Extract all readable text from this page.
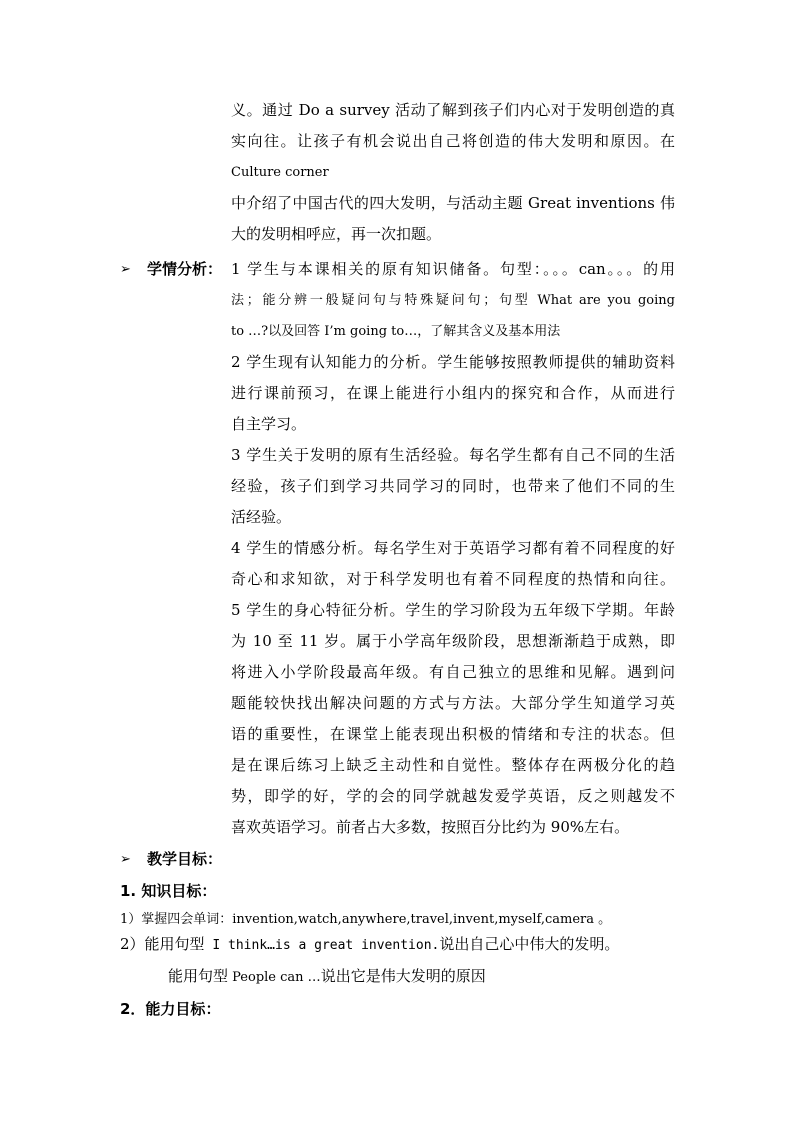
义。通过 Do a survey 活动了解到孩子们内心对于发明创造的真
实向往。让孩子有机会说出自己将创造的伟大发明和原因。在
Culture corner
中介绍了中国古代的四大发明，与活动主题 Great inventions 伟
大的发明相呼应，再一次扣题。
➢ 学情分析： 1 学生与本课相关的原有知识储备。句型：。。。can。。。的用
法；能分辨一般疑问句与特殊疑问句；句型 What are you going
to …?以及回答 I’m going to…，了解其含义及基本用法
2 学生现有认知能力的分析。学生能够按照教师提供的辅助资料
进行课前预习，在课上能进行小组内的探究和合作，从而进行
自主学习。
3 学生关于发明的原有生活经验。每名学生都有自己不同的生活
经验，孩子们到学习共同学习的同时，也带来了他们不同的生
活经验。
4 学生的情感分析。每名学生对于英语学习都有着不同程度的好
奇心和求知欲，对于科学发明也有着不同程度的热情和向往。
5 学生的身心特征分析。学生的学习阶段为五年级下学期。年龄
为 10 至 11 岁。属于小学高年级阶段，思想渐渐趋于成熟，即
将进入小学阶段最高年级。有自己独立的思维和见解。遇到问
题能较快找出解决问题的方式与方法。大部分学生知道学习英
语的重要性，在课堂上能表现出积极的情绪和专注的状态。但
是在课后练习上缺乏主动性和自觉性。整体存在两极分化的趋
势，即学的好，学的会的同学就越发爱学英语，反之则越发不
喜欢英语学习。前者占大多数，按照百分比约为 90%左右。
➢ 教学目标：
1. 知识目标：
1）掌握四会单词：invention,watch,anywhere,travel,invent,myself,camera 。
2）能用句型 I think…is a great invention.说出自己心中伟大的发明。
能用句型 People can …说出它是伟大发明的原因
2．能力目标：
